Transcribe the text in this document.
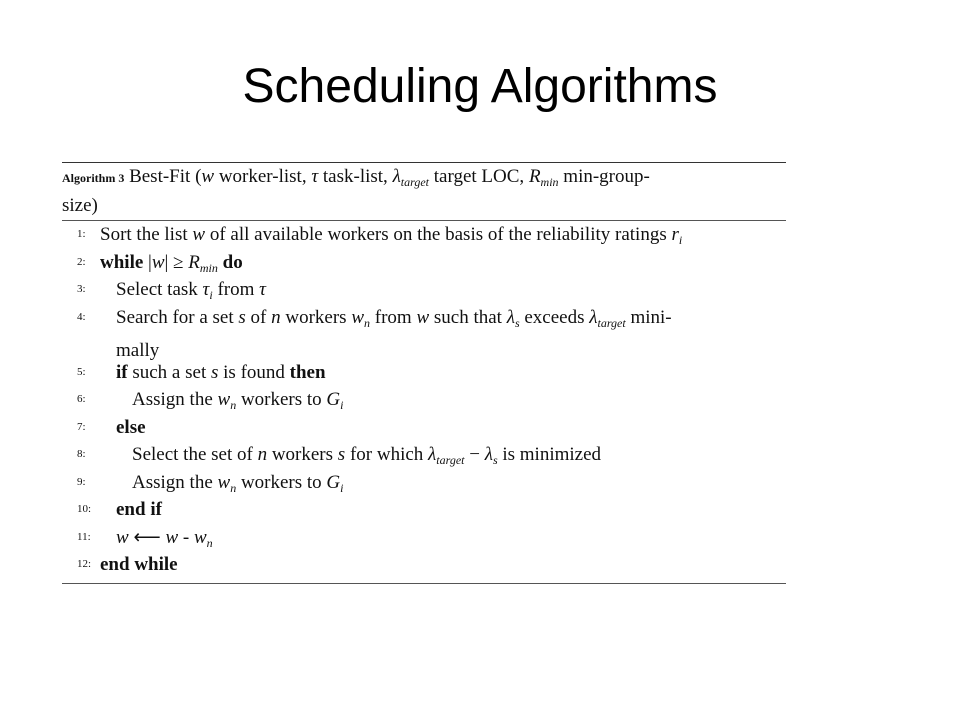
Scheduling Algorithms
Algorithm 3 Best-Fit (w worker-list, τ task-list, $\lambda_{target}$ target LOC, $R_{min}$ min-group-
size)
1: Sort the list w of all available workers on the basis of the reliability ratings $r_i$
2: while $|w| \ge R_{min}$ do
3:	Select task $\tau_i$ from τ
4:	Search for a set s of n workers $w_n$ from w such that $\lambda_s$ exceeds $\lambda_{target}$ mini-
mally
5:	if such a set s is found then
6:	Assign the $w_n$ workers to $G_i$
7:	else
8:	Select the set of n workers s for which $\lambda_{target} - \lambda_s$ is minimized
9:	Assign the $w_n$ workers to $G_i$
10:	end if
11:	w ⟵ w - $w_n$
12: end while
